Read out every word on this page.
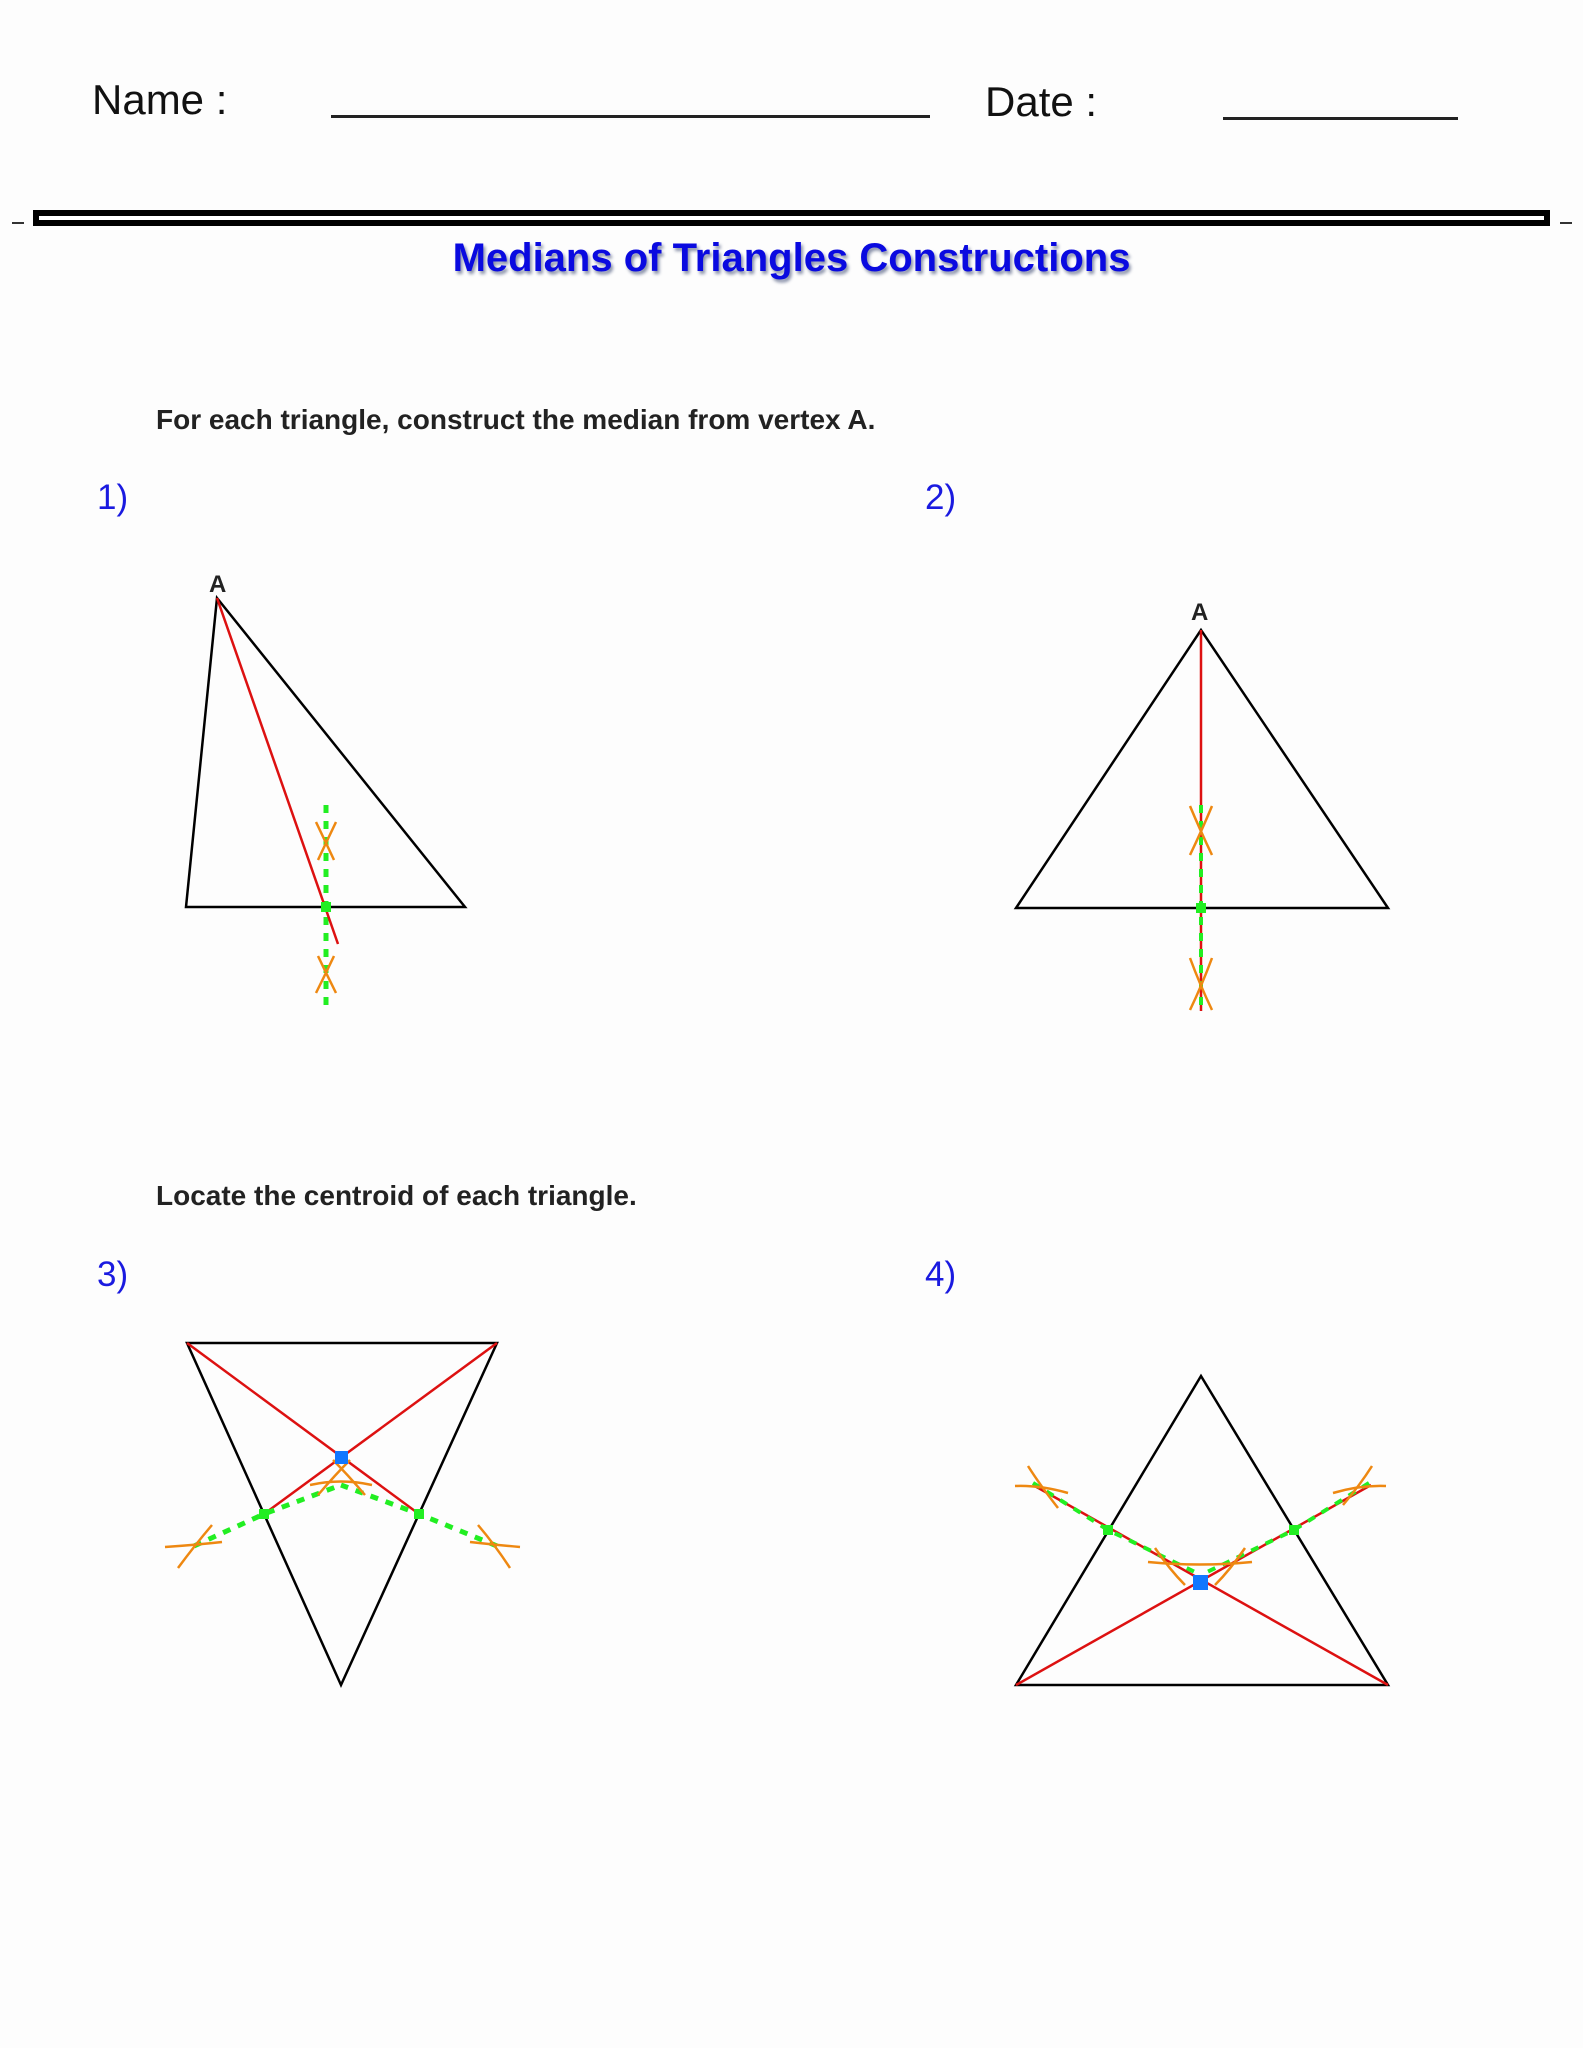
Name :	Date :
Medians of Triangles Constructions
For each triangle, construct the median from vertex A.
1)	2)
Locate the centroid of each triangle.
3)	4)
A
A
